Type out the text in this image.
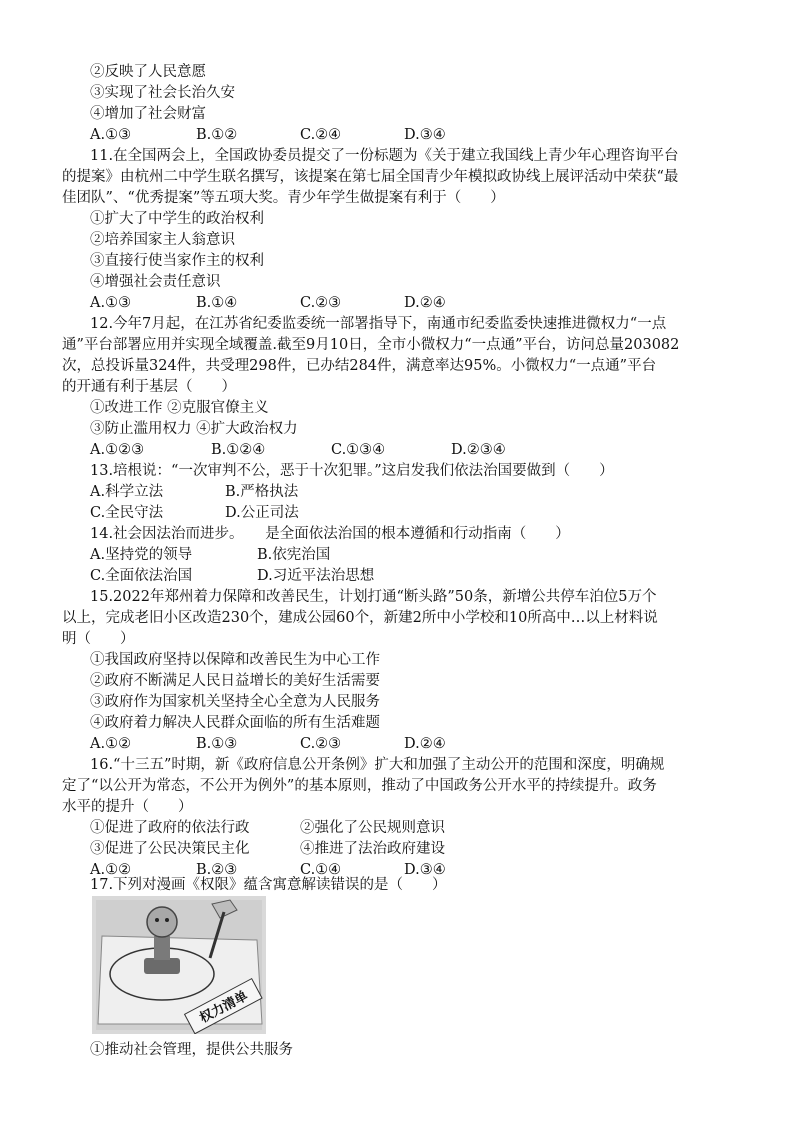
②反映了人民意愿
③实现了社会长治久安
④增加了社会财富
A.①③	B.①②	C.②④	D.③④
11.在全国两会上，全国政协委员提交了一份标题为《关于建立我国线上青少年心理咨询平台
的提案》由杭州二中学生联名撰写，该提案在第七届全国青少年模拟政协线上展评活动中荣获“最
佳团队”、“优秀提案”等五项大奖。青少年学生做提案有利于（　　）
①扩大了中学生的政治权利
②培养国家主人翁意识
③直接行使当家作主的权利
④增强社会责任意识
A.①③	B.①④	C.②③	D.②④
12.今年7月起，在江苏省纪委监委统一部署指导下，南通市纪委监委快速推进微权力“一点
通”平台部署应用并实现全域覆盖.截至9月10日，全市小微权力“一点通”平台，访问总量203082
次，总投诉量324件，共受理298件，已办结284件，满意率达95%。小微权力“一点通”平台
的开通有利于基层（　　）
①改进工作 ②克服官僚主义
③防止滥用权力 ④扩大政治权力
A.①②③	B.①②④	C.①③④	D.②③④
13.培根说：“一次审判不公，恶于十次犯罪。”这启发我们依法治国要做到（　　）
A.科学立法	B.严格执法
C.全民守法	D.公正司法
14.社会因法治而进步。　　是全面依法治国的根本遵循和行动指南（　　）
A.坚持党的领导	B.依宪治国
C.全面依法治国	D.习近平法治思想
15.2022年郑州着力保障和改善民生，计划打通“断头路”50条，新增公共停车泊位5万个
以上，完成老旧小区改造230个，建成公园60个，新建2所中小学校和10所高中…以上材料说
明（　　）
①我国政府坚持以保障和改善民生为中心工作
②政府不断满足人民日益增长的美好生活需要
③政府作为国家机关坚持全心全意为人民服务
④政府着力解决人民群众面临的所有生活难题
A.①②	B.①③	C.②③	D.②④
16.“十三五”时期，新《政府信息公开条例》扩大和加强了主动公开的范围和深度，明确规
定了“以公开为常态，不公开为例外”的基本原则，推动了中国政务公开水平的持续提升。政务
水平的提升（　　）
①促进了政府的依法行政	②强化了公民规则意识
③促进了公民决策民主化	④推进了法治政府建设
A.①②	B.②③	C.①④	D.③④
17.下列对漫画《权限》蕴含寓意解读错误的是（　　）
权力清单
①推动社会管理，提供公共服务
